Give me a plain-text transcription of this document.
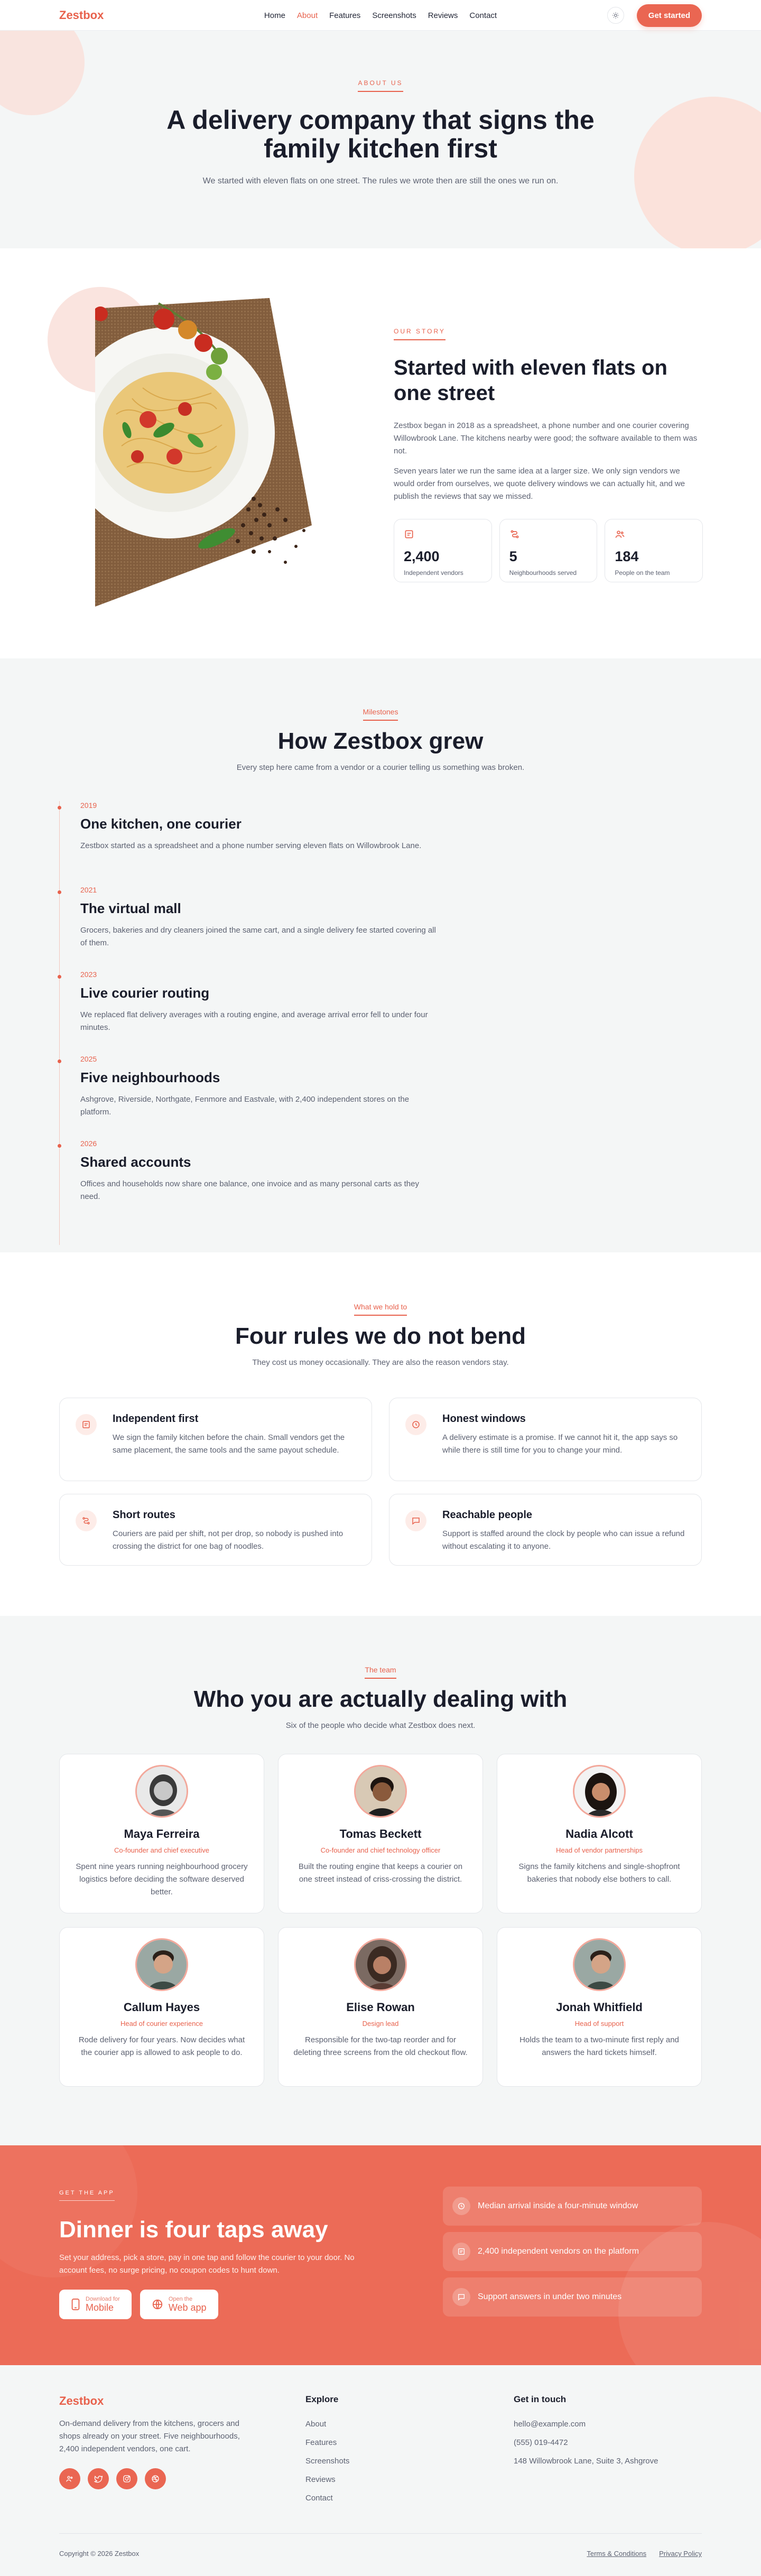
Zestbox	Home About Features Screenshots Reviews Contact	Get started
ABOUT US
A delivery company that signs the family kitchen first

We started with eleven flats on one street. The rules we wrote then are still the ones we run on.

OUR STORY
Started with eleven flats on one street

Zestbox began in 2018 as a spreadsheet, a phone number and one courier covering Willowbrook Lane. The kitchens nearby were good; the software available to them was not.

Seven years later we run the same idea at a larger size. We only sign vendors we would order from ourselves, we quote delivery windows we can actually hit, and we publish the reviews that say we missed.

2,400
Independent vendors
5
Neighbourhoods served
184
People on the team
Milestones
How Zestbox grew

Every step here came from a vendor or a courier telling us something was broken.

2019
One kitchen, one courier

Zestbox started as a spreadsheet and a phone number serving eleven flats on Willowbrook Lane.

2021
The virtual mall

Grocers, bakeries and dry cleaners joined the same cart, and a single delivery fee started covering all of them.

2023
Live courier routing

We replaced flat delivery averages with a routing engine, and average arrival error fell to under four minutes.

2025
Five neighbourhoods

Ashgrove, Riverside, Northgate, Fenmore and Eastvale, with 2,400 independent stores on the platform.

2026
Shared accounts

Offices and households now share one balance, one invoice and as many personal carts as they need.

What we hold to
Four rules we do not bend

They cost us money occasionally. They are also the reason vendors stay.

Independent first

We sign the family kitchen before the chain. Small vendors get the same placement, the same tools and the same payout schedule.

Honest windows

A delivery estimate is a promise. If we cannot hit it, the app says so while there is still time for you to change your mind.

Short routes

Couriers are paid per shift, not per drop, so nobody is pushed into crossing the district for one bag of noodles.

Reachable people

Support is staffed around the clock by people who can issue a refund without escalating it to anyone.

The team
Who you are actually dealing with

Six of the people who decide what Zestbox does next.

Maya Ferreira
Co-founder and chief executive
Spent nine years running neighbourhood grocery logistics before deciding the software deserved better.
Tomas Beckett
Co-founder and chief technology officer
Built the routing engine that keeps a courier on one street instead of criss-crossing the district.
Nadia Alcott
Head of vendor partnerships
Signs the family kitchens and single-shopfront bakeries that nobody else bothers to call.
Callum Hayes
Head of courier experience
Rode delivery for four years. Now decides what the courier app is allowed to ask people to do.
Elise Rowan
Design lead
Responsible for the two-tap reorder and for deleting three screens from the old checkout flow.
Jonah Whitfield
Head of support
Holds the team to a two-minute first reply and answers the hard tickets himself.
GET THE APP
Dinner is four taps away

Set your address, pick a store, pay in one tap and follow the courier to your door. No account fees, no surge pricing, no coupon codes to hunt down.

Download for
Mobile
Open the
Web app
Median arrival inside a four-minute window
2,400 independent vendors on the platform
Support answers in under two minutes
Zestbox

On-demand delivery from the kitchens, grocers and shops already on your street. Five neighbourhoods, 2,400 independent vendors, one cart.

Explore
About
Features
Screenshots
Reviews
Contact
Get in touch
hello@example.com
(555) 019-4472
148 Willowbrook Lane, Suite 3, Ashgrove
Copyright © 2026 Zestbox	Terms & Conditions Privacy Policy
